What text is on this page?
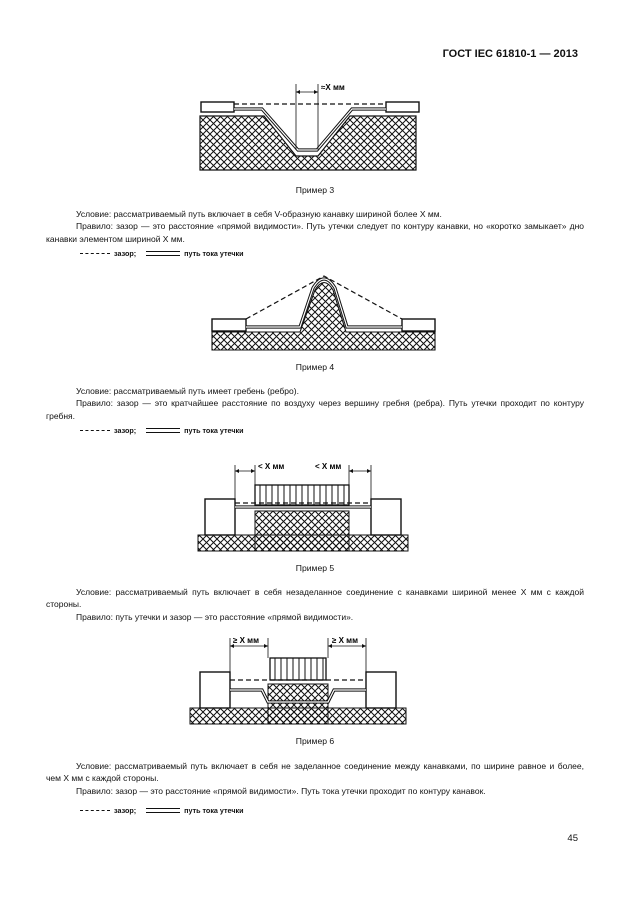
ГОСТ IEC 61810-1 — 2013
≈X мм
Пример 3

Условие: рассматриваемый путь включает в себя V-образную канавку шириной более X мм.

Правило: зазор — это расстояние «прямой видимости». Путь утечки следует по контуру канавки, но «коротко замыкает» дно канавки элементом шириной X мм.

зазор;	путь тока утечки
Пример 4

Условие: рассматриваемый путь имеет гребень (ребро).

Правило: зазор — это кратчайшее расстояние по воздуху через вершину гребня (ребра). Путь утечки проходит по контуру гребня.

зазор;	путь тока утечки
< X мм	< X мм
Пример 5

Условие: рассматриваемый путь включает в себя незаделанное соединение с канавками шириной менее X мм с каждой стороны.

Правило: путь утечки и зазор — это расстояние «прямой видимости».

≥ X мм	≥ X мм
Пример 6

Условие: рассматриваемый путь включает в себя не заделанное соединение между канавками, по ширине равное и более, чем X мм с каждой стороны.

Правило: зазор — это расстояние «прямой видимости». Путь тока утечки проходит по контуру канавок.

зазор;	путь тока утечки
45
